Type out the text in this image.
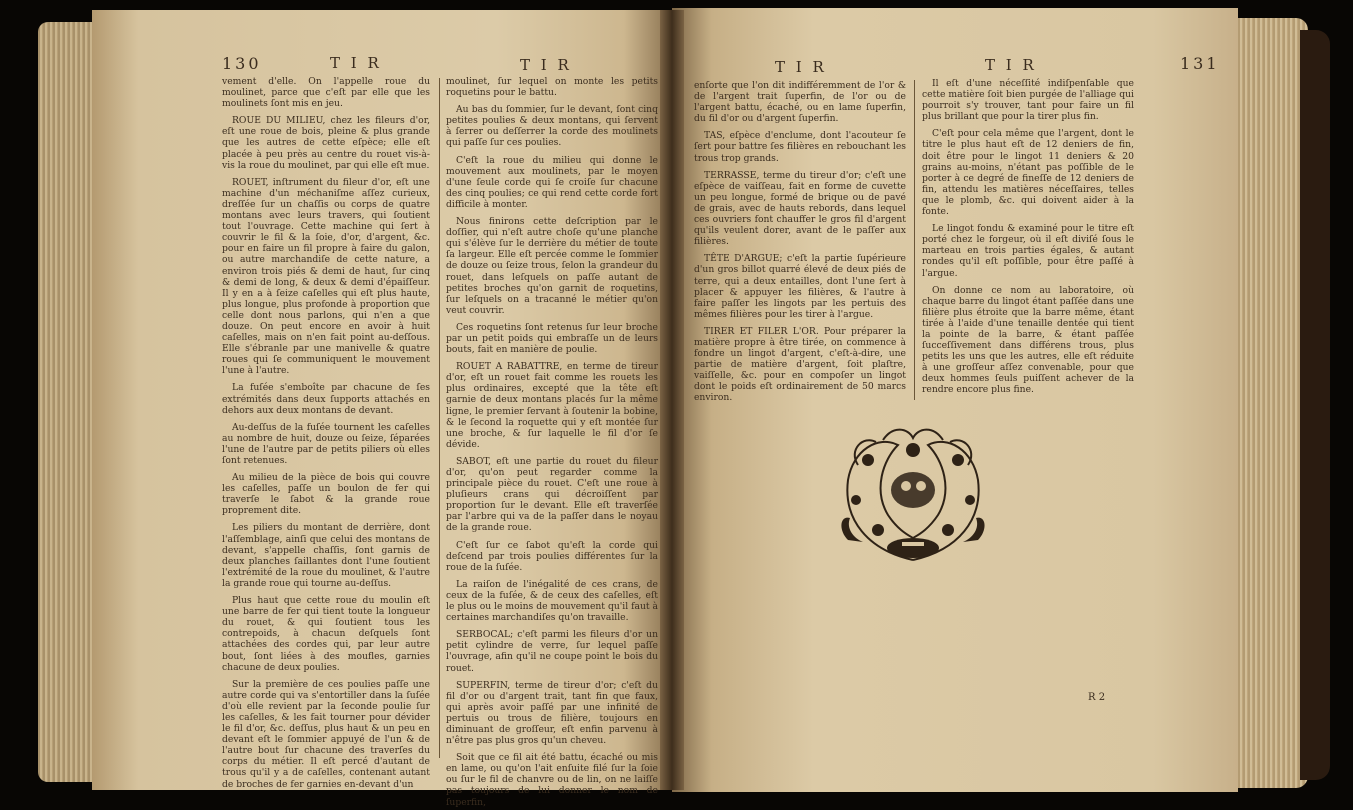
130	T I R	T I R

vement d'elle. On l'appelle roue du moulinet, parce que c'eſt par elle que les moulinets ſont mis en jeu.

ROUE DU MILIEU, chez les fileurs d'or, eſt une roue de bois, pleine & plus grande que les autres de cette eſpèce; elle eſt placée à peu près au centre du rouet vis-à-vis la roue du moulinet, par qui elle eſt mue.

ROUET, inſtrument du fileur d'or, eſt une machine d'un méchaniſme aſſez curieux, dreſſée ſur un chaſſis ou corps de quatre montans avec leurs travers, qui ſoutient tout l'ouvrage. Cette machine qui ſert à couvrir le fil & la ſoie, d'or, d'argent, &c. pour en faire un fil propre à faire du galon, ou autre marchandiſe de cette nature, a environ trois piés & demi de haut, ſur cinq & demi de long, & deux & demi d'épaiſſeur. Il y en a à ſeize caſelles qui eſt plus haute, plus longue, plus profonde à proportion que celle dont nous parlons, qui n'en a que douze. On peut encore en avoir à huit caſelles, mais on n'en fait point au-deſſous. Elle s'ébranle par une manivelle & quatre roues qui ſe communiquent le mouvement l'une à l'autre.

La fuſée s'emboîte par chacune de ſes extrémités dans deux ſupports attachés en dehors aux deux montans de devant.

Au-deſſus de la fuſée tournent les caſelles au nombre de huit, douze ou ſeize, ſéparées l'une de l'autre par de petits piliers où elles ſont retenues.

Au milieu de la pièce de bois qui couvre les caſelles, paſſe un boulon de fer qui traverſe le ſabot & la grande roue proprement dite.

Les piliers du montant de derrière, dont l'aſſemblage, ainſi que celui des montans de devant, s'appelle chaſſis, ſont garnis de deux planches ſaillantes dont l'une ſoutient l'extrémité de la roue du moulinet, & l'autre la grande roue qui tourne au-deſſus.

Plus haut que cette roue du moulin eſt une barre de fer qui tient toute la longueur du rouet, & qui ſoutient tous les contrepoids, à chacun deſquels ſont attachées des cordes qui, par leur autre bout, ſont liées à des moufles, garnies chacune de deux poulies.

Sur la première de ces poulies paſſe une autre corde qui va s'entortiller dans la ſuſée d'où elle revient par la ſeconde poulie ſur les caſelles, & les fait tourner pour dévider le fil d'or, &c. deſſus, plus haut & un peu en devant eſt le ſommier appuyé de l'un & de l'autre bout ſur chacune des traverſes du corps du métier. Il eſt percé d'autant de trous qu'il y a de caſelles, contenant autant de broches de fer garnies en-devant d'un

moulinet, ſur lequel on monte les petits roquetins pour le battu.

Au bas du ſommier, ſur le devant, ſont cinq petites poulies & deux montans, qui ſervent à ſerrer ou deſſerrer la corde des moulinets qui paſſe ſur ces poulies.

C'eſt la roue du milieu qui donne le mouvement aux moulinets, par le moyen d'une ſeule corde qui ſe croiſe ſur chacune des cinq poulies; ce qui rend cette corde fort difficile à monter.

Nous finirons cette deſcription par le doſſier, qui n'eſt autre choſe qu'une planche qui s'élève ſur le derrière du métier de toute ſa largeur. Elle eſt percée comme le ſommier de douze ou ſeize trous, ſelon la grandeur du rouet, dans leſquels on paſſe autant de petites broches qu'on garnit de roquetins, ſur leſquels on a tracanné le métier qu'on veut couvrir.

Ces roquetins ſont retenus ſur leur broche par un petit poids qui embraſſe un de leurs bouts, fait en manière de poulie.

ROUET A RABATTRE, en terme de tireur d'or, eſt un rouet fait comme les rouets les plus ordinaires, excepté que la tête eſt garnie de deux montans placés ſur la même ligne, le premier ſervant à ſoutenir la bobine, & le ſecond la roquette qui y eſt montée ſur une broche, & ſur laquelle le fil d'or ſe dévide.

SABOT, eſt une partie du rouet du fileur d'or, qu'on peut regarder comme la principale pièce du rouet. C'eſt une roue à pluſieurs crans qui décroiſſent par proportion ſur le devant. Elle eſt traverſée par l'arbre qui va de la paſſer dans le noyau de la grande roue.

C'eſt ſur ce ſabot qu'eſt la corde qui deſcend par trois poulies différentes ſur la roue de la ſuſée.

La raiſon de l'inégalité de ces crans, de ceux de la fuſée, & de ceux des caſelles, eſt le plus ou le moins de mouvement qu'il faut à certaines marchandiſes qu'on travaille.

SERBOCAL; c'eſt parmi les fileurs d'or un petit cylindre de verre, ſur lequel paſſe l'ouvrage, afin qu'il ne coupe point le bois du rouet.

SUPERFIN, terme de tireur d'or; c'eſt du fil d'or ou d'argent trait, tant fin que faux, qui après avoir paſſé par une infinité de pertuis ou trous de filière, toujours en diminuant de groſſeur, eſt enfin parvenu à n'être pas plus gros qu'un cheveu.

Soit que ce fil ait été battu, écaché ou mis en lame, ou qu'on l'ait enſuite filé ſur la ſoie ou ſur le fil de chanvre ou de lin, on ne laiſſe pas toujours de lui donner le nom de ſuperfin,

T I R	T I R	131

enſorte que l'on dit indifféremment de l'or & de l'argent trait ſuperfin, de l'or ou de l'argent battu, écaché, ou en lame ſuperfin, du fil d'or ou d'argent ſuperfin.

TAS, eſpèce d'enclume, dont l'acouteur ſe ſert pour battre ſes filières en rebouchant les trous trop grands.

TERRASSE, terme du tireur d'or; c'eſt une eſpèce de vaiſſeau, fait en forme de cuvette un peu longue, formé de brique ou de pavé de grais, avec de hauts rebords, dans lequel ces ouvriers font chauffer le gros fil d'argent qu'ils veulent dorer, avant de le paſſer aux filières.

TÊTE D'ARGUE; c'eſt la partie ſupérieure d'un gros billot quarré élevé de deux piés de terre, qui a deux entailles, dont l'une ſert à placer & appuyer les filières, & l'autre à faire paſſer les lingots par les pertuis des mêmes filières pour les tirer à l'argue.

TIRER ET FILER L'OR. Pour préparer la matière propre à être tirée, on commence à fondre un lingot d'argent, c'eſt-à-dire, une partie de matière d'argent, ſoit plaſtre, vaiſſelle, &c. pour en compoſer un lingot dont le poids eſt ordinairement de 50 marcs environ.

Il eſt d'une néceſſité indiſpenſable que cette matière ſoit bien purgée de l'alliage qui pourroit s'y trouver, tant pour faire un fil plus brillant que pour la tirer plus fin.

C'eſt pour cela même que l'argent, dont le titre le plus haut eſt de 12 deniers de fin, doit être pour le lingot 11 deniers & 20 grains au-moins, n'étant pas poſſible de le porter à ce degré de fineſſe de 12 deniers de fin, attendu les matières néceſſaires, telles que le plomb, &c. qui doivent aider à la fonte.

Le lingot fondu & examiné pour le titre eſt porté chez le forgeur, où il eſt diviſé ſous le marteau en trois parties égales, & autant rondes qu'il eſt poſſible, pour être paſſé à l'argue.

On donne ce nom au laboratoire, où chaque barre du lingot étant paſſée dans une filière plus étroite que la barre même, étant tirée à l'aide d'une tenaille dentée qui tient la pointe de la barre, & étant paſſée ſucceſſivement dans différens trous, plus petits les uns que les autres, elle eſt réduite à une groſſeur aſſez convenable, pour que deux hommes ſeuls puiſſent achever de la rendre encore plus fine.

R 2
